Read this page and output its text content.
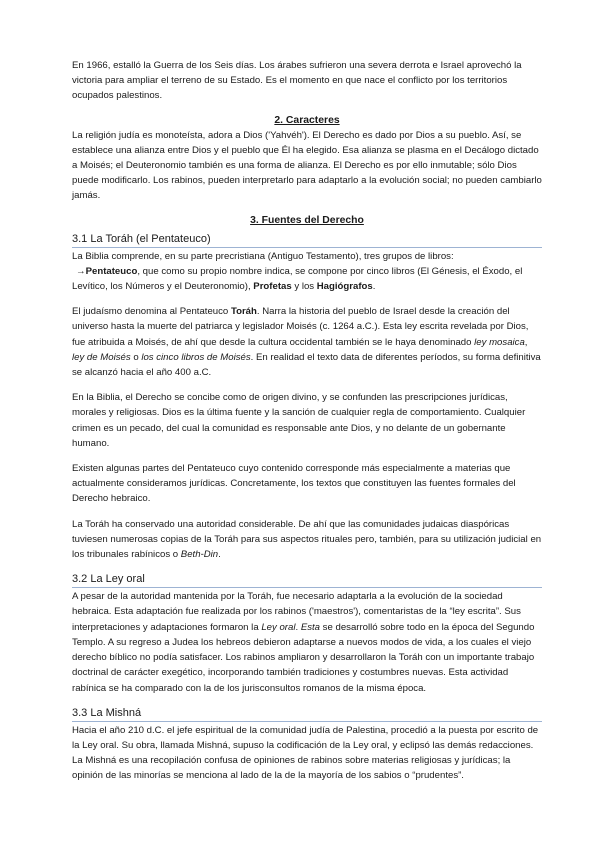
En 1966, estalló la Guerra de los Seis días. Los árabes sufrieron una severa derrota e Israel aprovechó la victoria para ampliar el terreno de su Estado. Es el momento en que nace el conflicto por los territorios ocupados palestinos.

2. Caracteres

La religión judía es monoteísta, adora a Dios ('Yahvéh'). El Derecho es dado por Dios a su pueblo. Así, se establece una alianza entre Dios y el pueblo que Él ha elegido. Esa alianza se plasma en el Decálogo dictado a Moisés; el Deuteronomio también es una forma de alianza. El Derecho es por ello inmutable; sólo Dios puede modificarlo. Los rabinos, pueden interpretarlo para adaptarlo a la evolución social; no pueden cambiarlo jamás.

3. Fuentes del Derecho
3.1 La Toráh (el Pentateuco)

La Biblia comprende, en su parte precristiana (Antiguo Testamento), tres grupos de libros:

→Pentateuco, que como su propio nombre indica, se compone por cinco libros (El Génesis, el Éxodo, el Levítico, los Números y el Deuteronomio), Profetas y los Hagiógrafos.

El judaísmo denomina al Pentateuco Toráh. Narra la historia del pueblo de Israel desde la creación del universo hasta la muerte del patriarca y legislador Moisés (c. 1264 a.C.). Esta ley escrita revelada por Dios, fue atribuida a Moisés, de ahí que desde la cultura occidental también se le haya denominado ley mosaica, ley de Moisés o los cinco libros de Moisés. En realidad el texto data de diferentes períodos, su forma definitiva se alcanzó hacia el año 400 a.C.

En la Biblia, el Derecho se concibe como de origen divino, y se confunden las prescripciones jurídicas, morales y religiosas. Dios es la última fuente y la sanción de cualquier regla de comportamiento. Cualquier crimen es un pecado, del cual la comunidad es responsable ante Dios, y no delante de un gobernante humano.

Existen algunas partes del Pentateuco cuyo contenido corresponde más especialmente a materias que actualmente consideramos jurídicas. Concretamente, los textos que constituyen las fuentes formales del Derecho hebraico.

La Toráh ha conservado una autoridad considerable. De ahí que las comunidades judaicas diaspóricas tuviesen numerosas copias de la Toráh para sus aspectos rituales pero, también, para su utilización judicial en los tribunales rabínicos o Beth-Din.

3.2 La Ley oral

A pesar de la autoridad mantenida por la Toráh, fue necesario adaptarla a la evolución de la sociedad hebraica. Esta adaptación fue realizada por los rabinos ('maestros'), comentaristas de la “ley escrita”. Sus interpretaciones y adaptaciones formaron la Ley oral. Esta se desarrolló sobre todo en la época del Segundo Templo. A su regreso a Judea los hebreos debieron adaptarse a nuevos modos de vida, a los cuales el viejo derecho bíblico no podía satisfacer. Los rabinos ampliaron y desarrollaron la Toráh con un importante trabajo doctrinal de carácter exegético, incorporando también tradiciones y costumbres nuevas. Esta actividad rabínica se ha comparado con la de los jurisconsultos romanos de la misma época.

3.3 La Mishná

Hacia el año 210 d.C. el jefe espiritual de la comunidad judía de Palestina, procedió a la puesta por escrito de la Ley oral. Su obra, llamada Mishná, supuso la codificación de la Ley oral, y eclipsó las demás redacciones. La Mishná es una recopilación confusa de opiniones de rabinos sobre materias religiosas y jurídicas; la opinión de las minorías se menciona al lado de la de la mayoría de los sabios o “prudentes”.
